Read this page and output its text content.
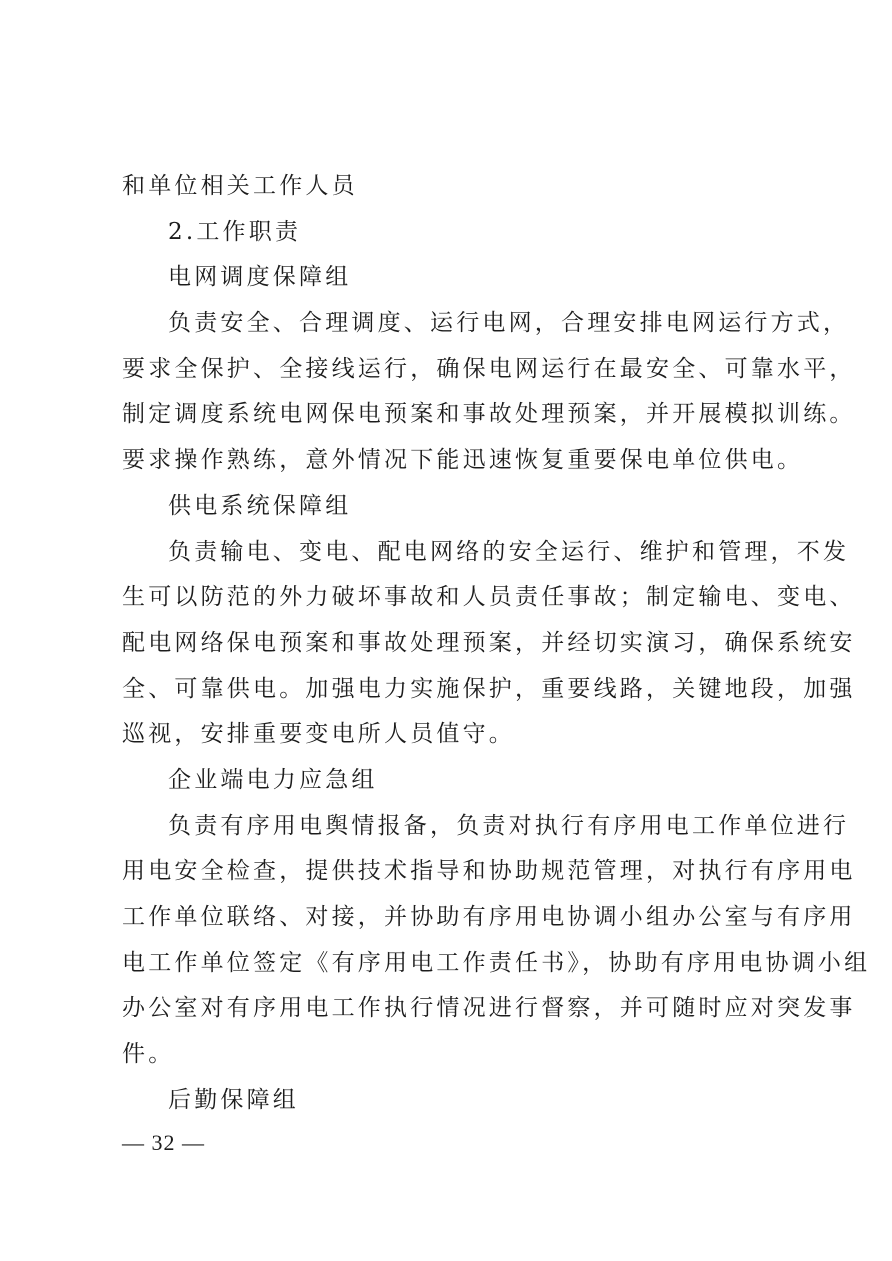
和单位相关工作人员
2.工作职责
电网调度保障组
负责安全、合理调度、运行电网，合理安排电网运行方式，
要求全保护、全接线运行，确保电网运行在最安全、可靠水平，
制定调度系统电网保电预案和事故处理预案，并开展模拟训练。
要求操作熟练，意外情况下能迅速恢复重要保电单位供电。
供电系统保障组
负责输电、变电、配电网络的安全运行、维护和管理，不发
生可以防范的外力破坏事故和人员责任事故；制定输电、变电、
配电网络保电预案和事故处理预案，并经切实演习，确保系统安
全、可靠供电。加强电力实施保护，重要线路，关键地段，加强
巡视，安排重要变电所人员值守。
企业端电力应急组
负责有序用电舆情报备，负责对执行有序用电工作单位进行
用电安全检查，提供技术指导和协助规范管理，对执行有序用电
工作单位联络、对接，并协助有序用电协调小组办公室与有序用
电工作单位签定《有序用电工作责任书》，协助有序用电协调小组
办公室对有序用电工作执行情况进行督察，并可随时应对突发事
件。
后勤保障组
— 32 —
